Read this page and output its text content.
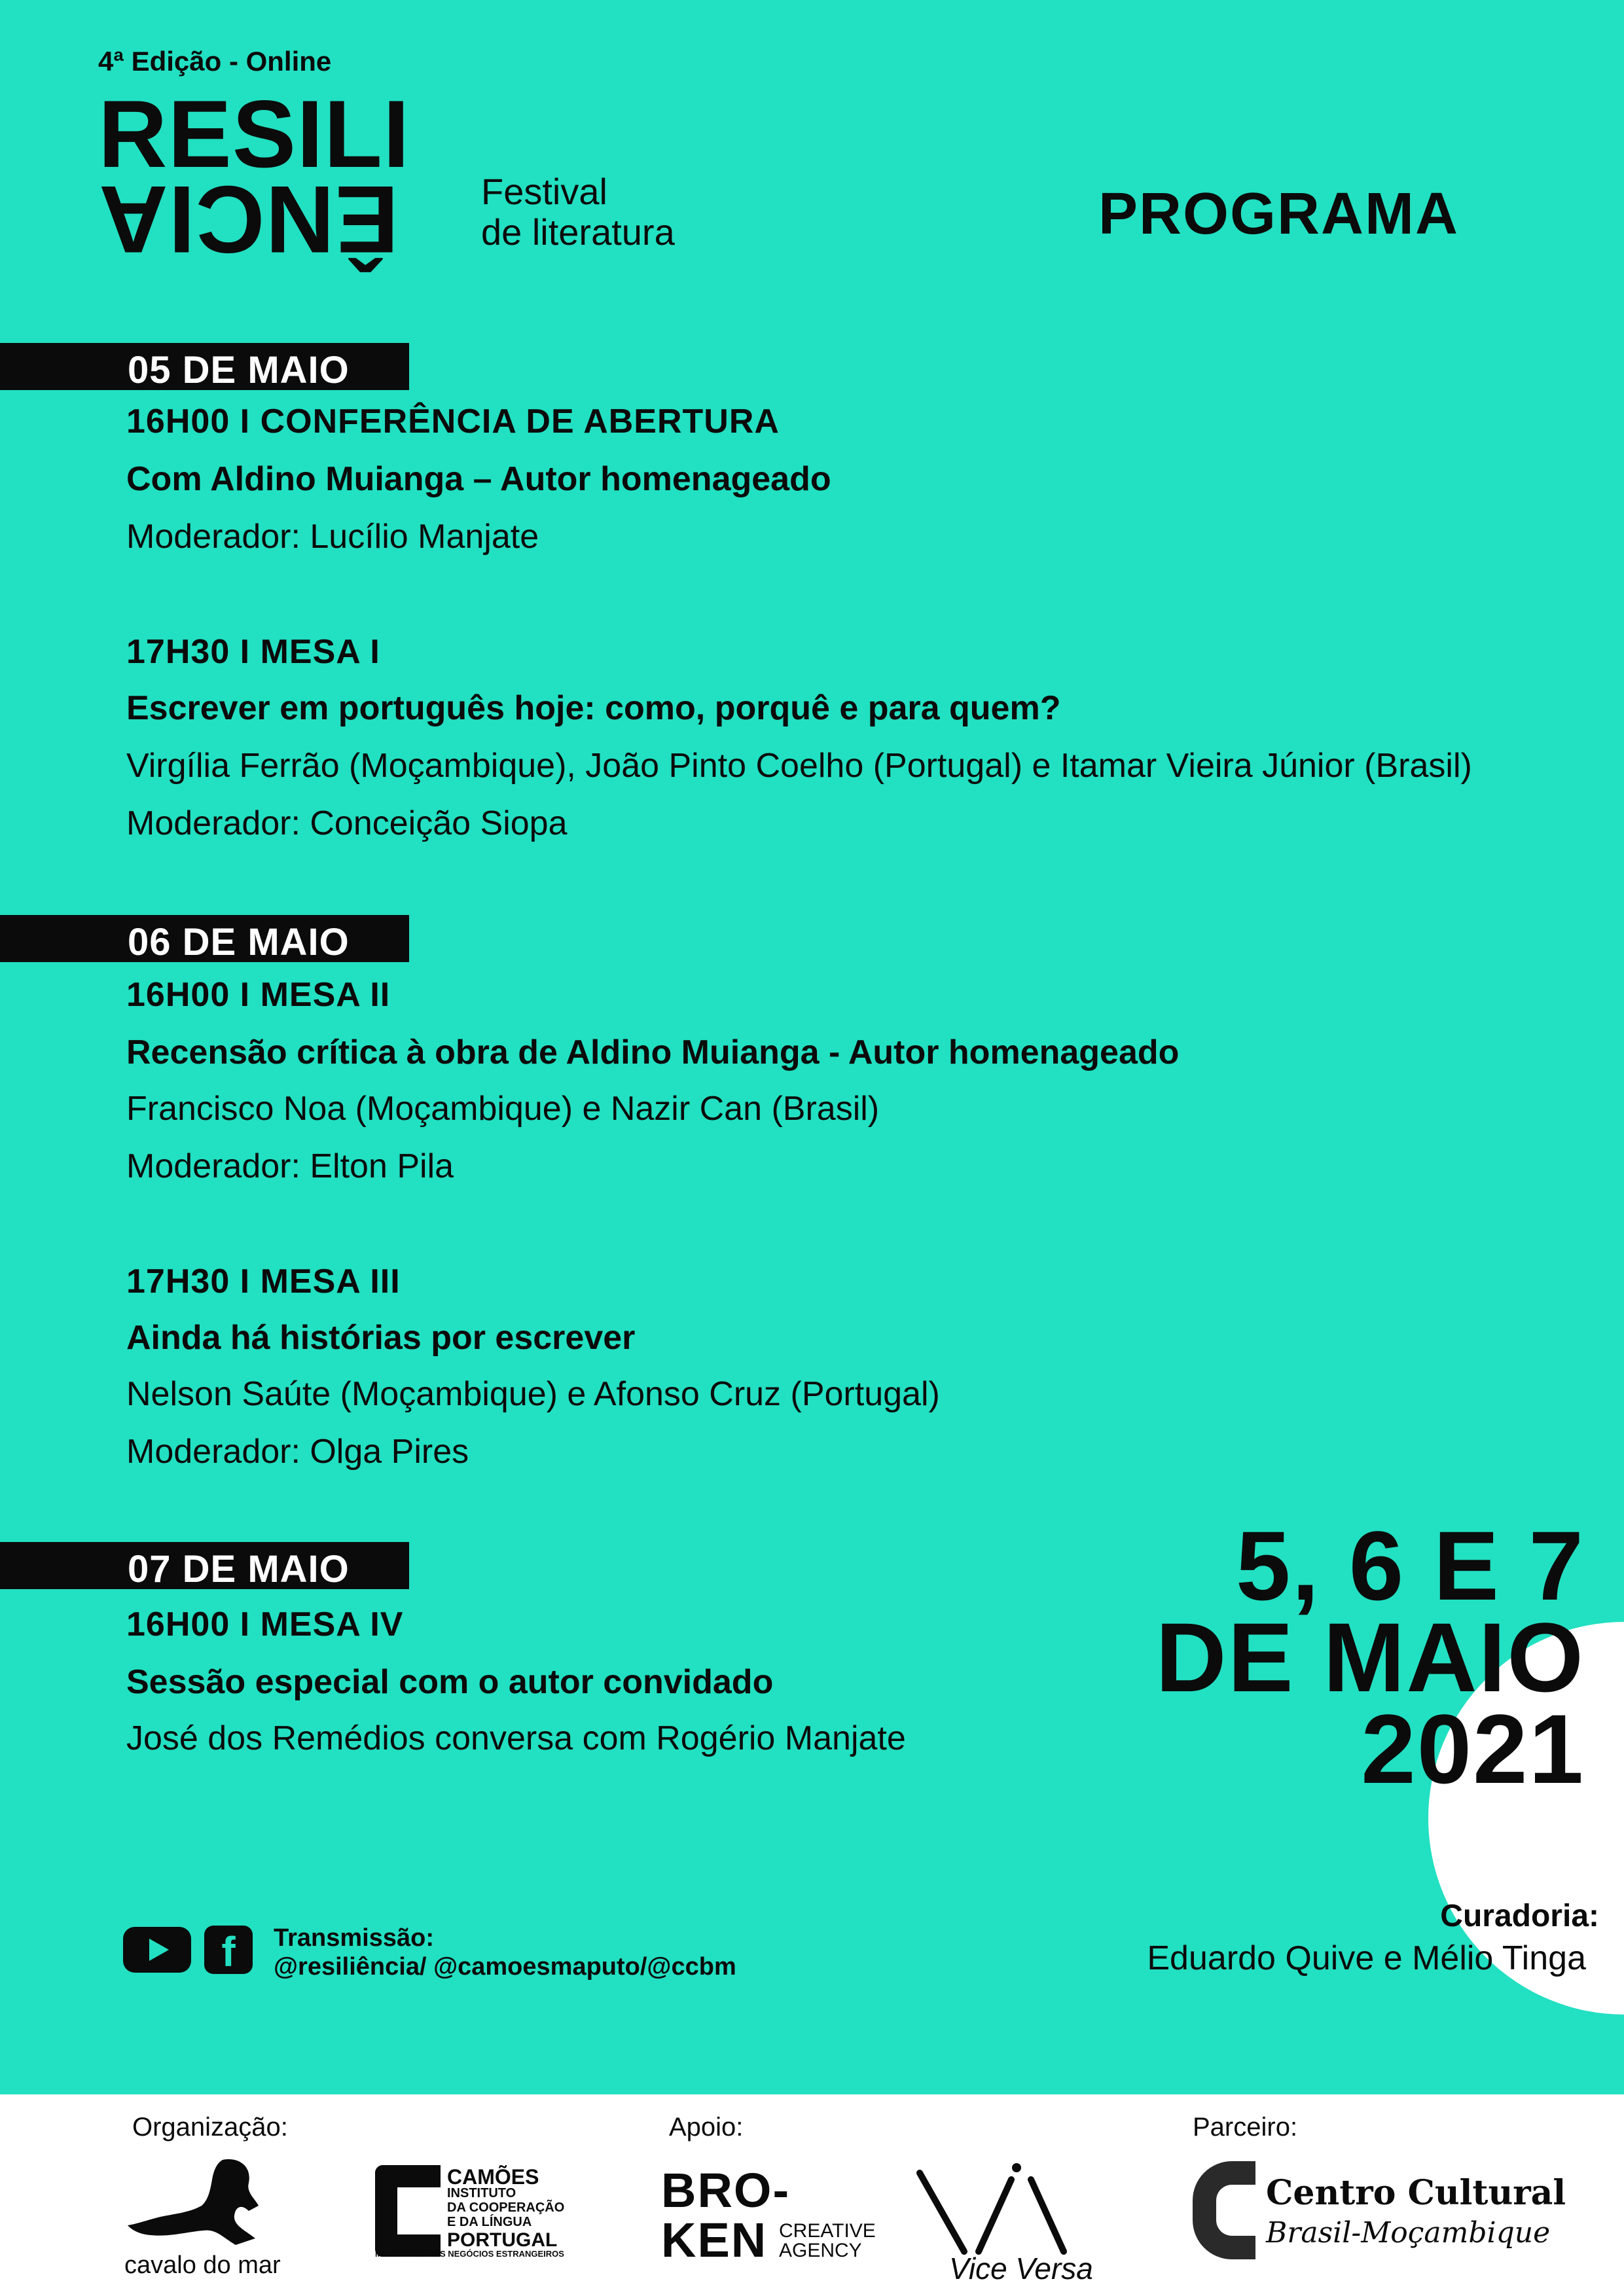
4ª Edição - Online
RESILI
ÊNCIA Festival
de literatura	PROGRAMA
05 DE MAIO
16H00 I CONFERÊNCIA DE ABERTURA
Com Aldino Muianga – Autor homenageado
Moderador: Lucílio Manjate
17H30 I MESA I
Escrever em português hoje: como, porquê e para quem?
Virgília Ferrão (Moçambique), João Pinto Coelho (Portugal) e Itamar Vieira Júnior (Brasil)
Moderador: Conceição Siopa
06 DE MAIO
16H00 I MESA II
Recensão crítica à obra de Aldino Muianga - Autor homenageado
Francisco Noa (Moçambique) e Nazir Can (Brasil)
Moderador: Elton Pila
17H30 I MESA III
Ainda há histórias por escrever
Nelson Saúte (Moçambique) e Afonso Cruz (Portugal)
Moderador: Olga Pires
07 DE MAIO
16H00 I MESA IV
Sessão especial com o autor convidado
José dos Remédios conversa com Rogério Manjate
5, 6 E 7
DE MAIO
2021
Curadoria:
Eduardo Quive e Mélio Tinga
f	Transmissão:
@resiliência/ @camoesmaputo/@ccbm
Organização:	Apoio:	Parceiro:
cavalo do mar
CAMÕES
INSTITUTO
DA COOPERAÇÃO
E DA LÍNGUA
PORTUGAL
MINISTÉRIO DOS NEGÓCIOS ESTRANGEIROS
BRO-
KEN CREATIVE
AGENCY
Vice Versa
Centro Cultural
Brasil-Moçambique
